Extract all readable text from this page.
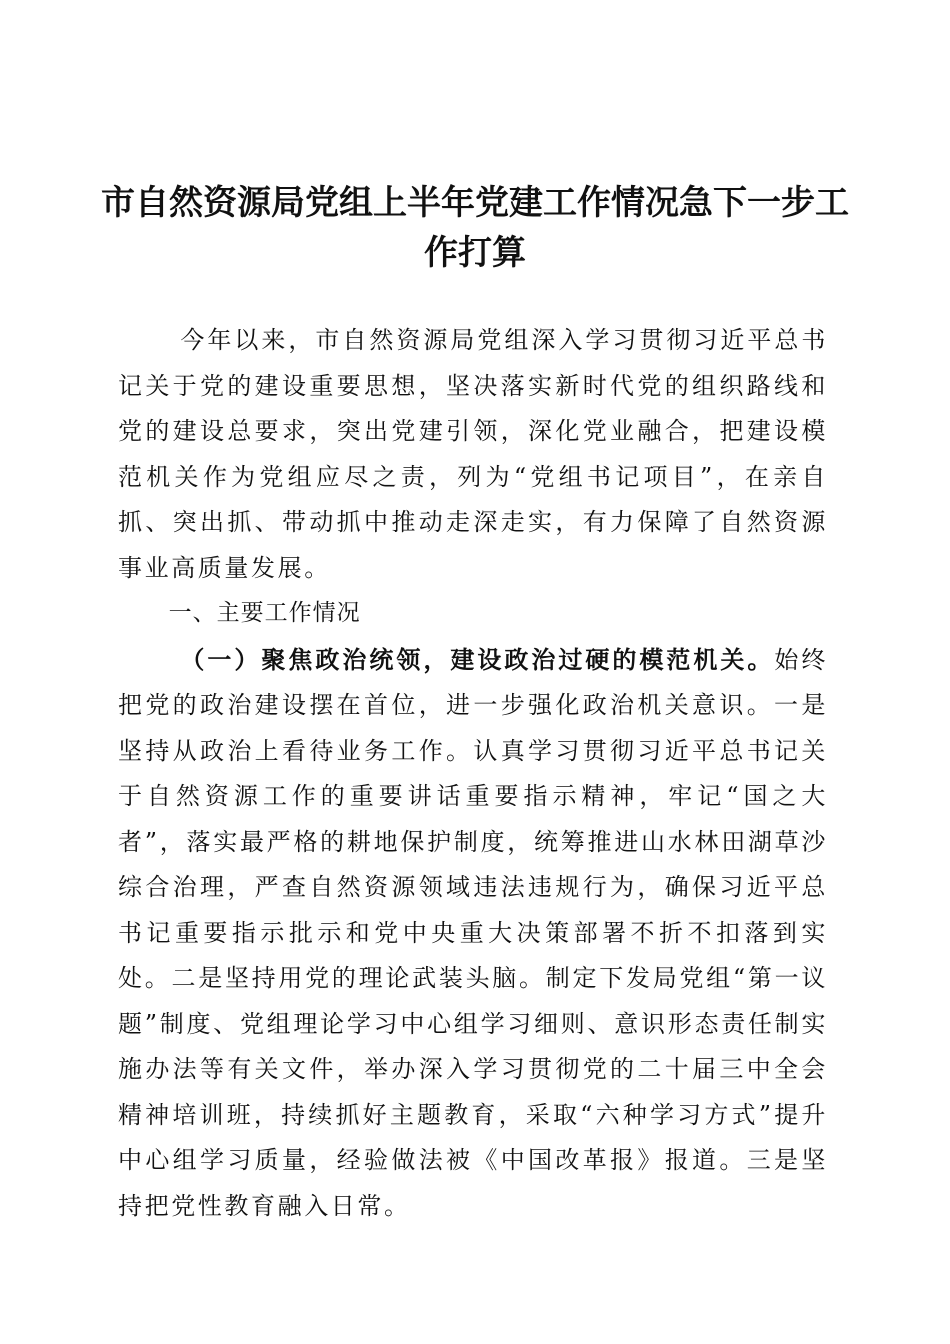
市自然资源局党组上半年党建工作情况急下一步工作打算

今年以来，市自然资源局党组深入学习贯彻习近平总书记关于党的建设重要思想，坚决落实新时代党的组织路线和党的建设总要求，突出党建引领，深化党业融合，把建设模范机关作为党组应尽之责，列为“党组书记项目”，在亲自抓、突出抓、带动抓中推动走深走实，有力保障了自然资源事业高质量发展。

一、主要工作情况

（一）聚焦政治统领，建设政治过硬的模范机关。始终把党的政治建设摆在首位，进一步强化政治机关意识。一是坚持从政治上看待业务工作。认真学习贯彻习近平总书记关于自然资源工作的重要讲话重要指示精神，牢记“国之大者”，落实最严格的耕地保护制度，统筹推进山水林田湖草沙综合治理，严查自然资源领域违法违规行为，确保习近平总书记重要指示批示和党中央重大决策部署不折不扣落到实处。二是坚持用党的理论武装头脑。制定下发局党组“第一议题”制度、党组理论学习中心组学习细则、意识形态责任制实施办法等有关文件，举办深入学习贯彻党的二十届三中全会精神培训班，持续抓好主题教育，采取“六种学习方式”提升中心组学习质量，经验做法被《中国改革报》报道。三是坚持把党性教育融入日常。
